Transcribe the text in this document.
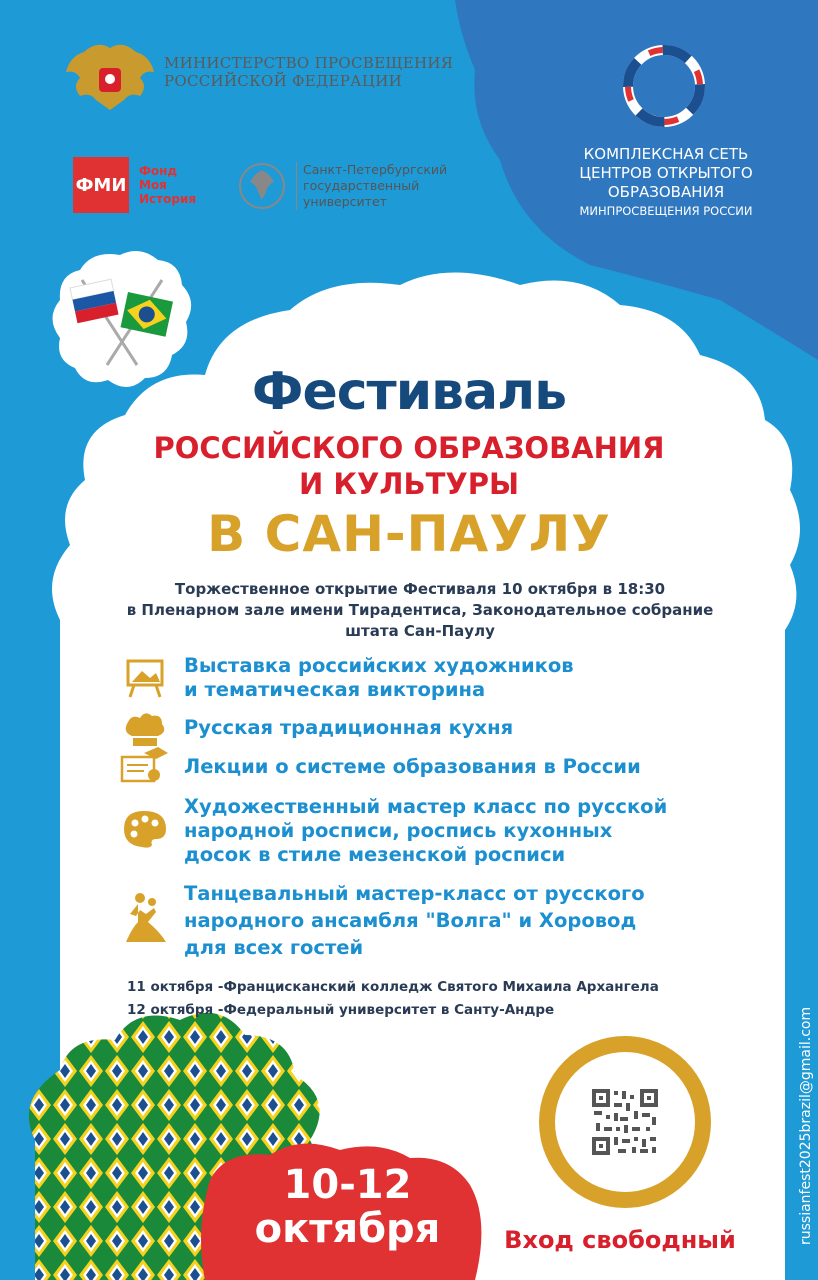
МИНИСТЕРСТВО ПРОСВЕЩЕНИЯ
РОССИЙСКОЙ ФЕДЕРАЦИИ
ФМИ
Фонд
Моя
История
Санкт-Петербургский
государственный
университет
КОМПЛЕКСНАЯ СЕТЬ
ЦЕНТРОВ ОТКРЫТОГО
ОБРАЗОВАНИЯ
МИНПРОСВЕЩЕНИЯ РОССИИ
Фестиваль
РОССИЙСКОГО ОБРАЗОВАНИЯ
И КУЛЬТУРЫ
В САН-ПАУЛУ
Торжественное открытие Фестиваля 10 октября в 18:30
в Пленарном зале имени Тирадентиса, Законодательное собрание
штата Сан-Паулу
Выставка российских художников
и тематическая викторина
Русская традиционная кухня
Лекции о системе образования в России
Художественный мастер класс по русской
народной росписи, роспись кухонных
досок в стиле мезенской росписи
Танцевальный мастер-класс от русского
народного ансамбля "Волга" и Хоровод
для всех гостей
11 октября -Францисканский колледж Святого Михаила Архангела
12 октября -Федеральный университет в Санту-Андре
10-12
октября	Вход свободный	russianfest2025brazil@gmail.com
